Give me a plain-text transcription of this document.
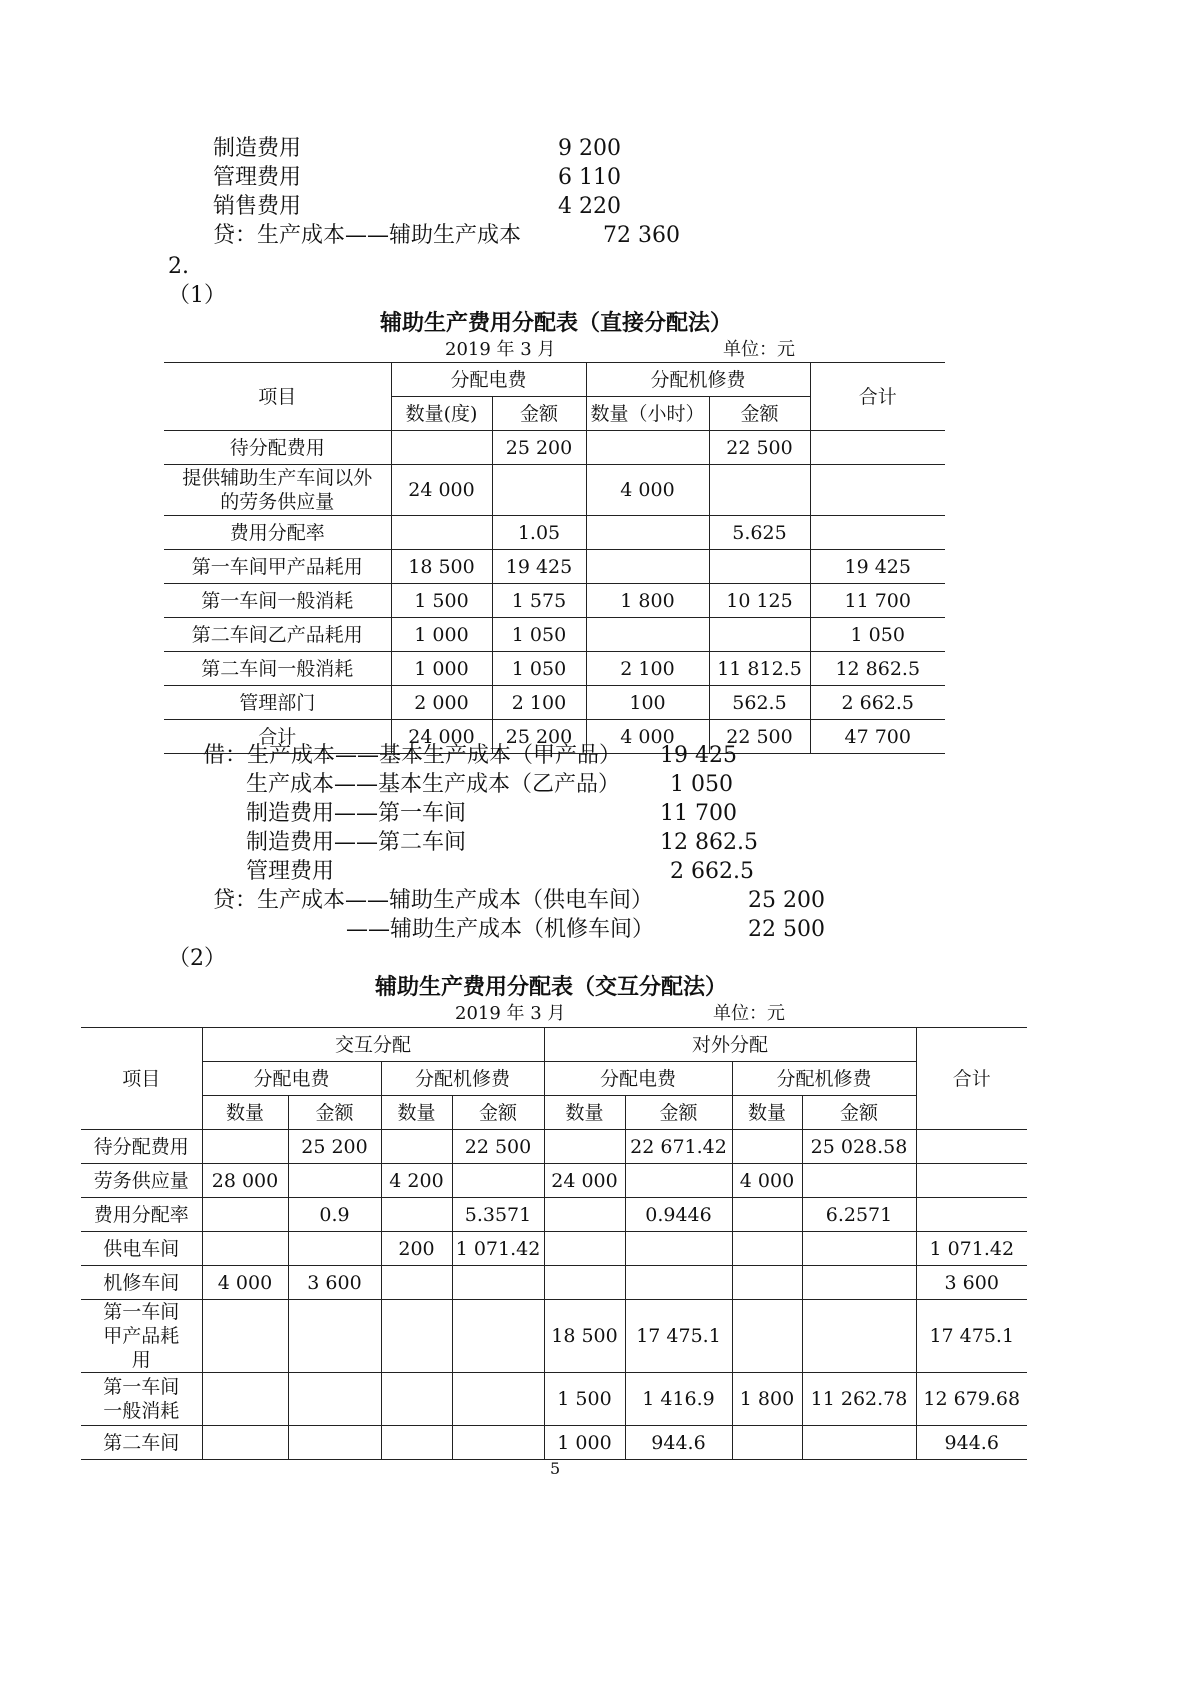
制造费用	9 200
管理费用	6 110
销售费用	4 220
贷：生产成本——辅助生产成本	72 360
2.
（1）
辅助生产费用分配表（直接分配法）
2019 年 3 月	单位：元
项目	分配电费		分配机修费		合计
	数量(度)	金额	数量（小时）	金额	
待分配费用		25 200		22 500	
提供辅助生产车间以外的劳务供应量	24 000		4 000		
费用分配率		1.05		5.625	
第一车间甲产品耗用	18 500	19 425			19 425
第一车间一般消耗	1 500	1 575	1 800	10 125	11 700
第二车间乙产品耗用	1 000	1 050			1 050
第二车间一般消耗	1 000	1 050	2 100	11 812.5	12 862.5
管理部门	2 000	2 100	100	562.5	2 662.5
合计	24 000	25 200	4 000	22 500	47 700
借：生产成本——基本生产成本（甲产品） 19 425
生产成本——基本生产成本（乙产品） 1 050
制造费用——第一车间	11 700
制造费用——第二车间	12 862.5
管理费用	2 662.5
贷：生产成本——辅助生产成本（供电车间）	25 200
——辅助生产成本（机修车间）	22 500
（2）
辅助生产费用分配表（交互分配法）
2019 年 3 月	单位：元
项目	交互分配				对外分配				合计
	分配电费		分配机修费		分配电费		分配机修费		
	数量	金额	数量	金额	数量	金额	数量	金额	
待分配费用		25 200		22 500		22 671.42		25 028.58	
劳务供应量	28 000		4 200		24 000		4 000		
费用分配率		0.9		5.3571		0.9446		6.2571	
供电车间			200	1 071.42					1 071.42
机修车间	4 000	3 600							3 600
第一车间甲产品耗用					18 500	17 475.1			17 475.1
第一车间一般消耗					1 500	1 416.9	1 800	11 262.78	12 679.68
第二车间					1 000	944.6			944.6
5
